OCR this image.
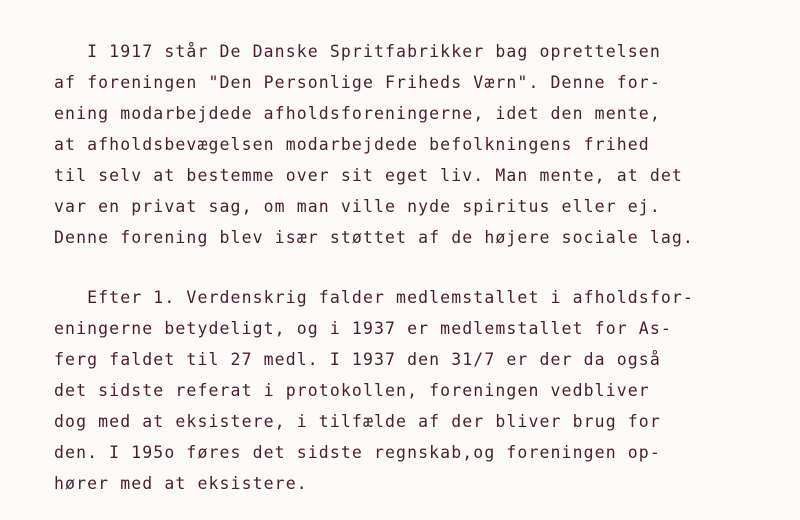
I 1917 står De Danske Spritfabrikker bag oprettelsen
af foreningen "Den Personlige Friheds Værn". Denne for-
ening modarbejdede afholdsforeningerne, idet den mente,
at afholdsbevægelsen modarbejdede befolkningens frihed
til selv at bestemme over sit eget liv. Man mente, at det
var en privat sag, om man ville nyde spiritus eller ej.
Denne forening blev især støttet af de højere sociale lag.
Efter 1. Verdenskrig falder medlemstallet i afholdsfor-
eningerne betydeligt, og i 1937 er medlemstallet for As-
ferg faldet til 27 medl. I 1937 den 31/7 er der da også
det sidste referat i protokollen, foreningen vedbliver
dog med at eksistere, i tilfælde af der bliver brug for
den. I 195o føres det sidste regnskab,og foreningen op-
hører med at eksistere.
